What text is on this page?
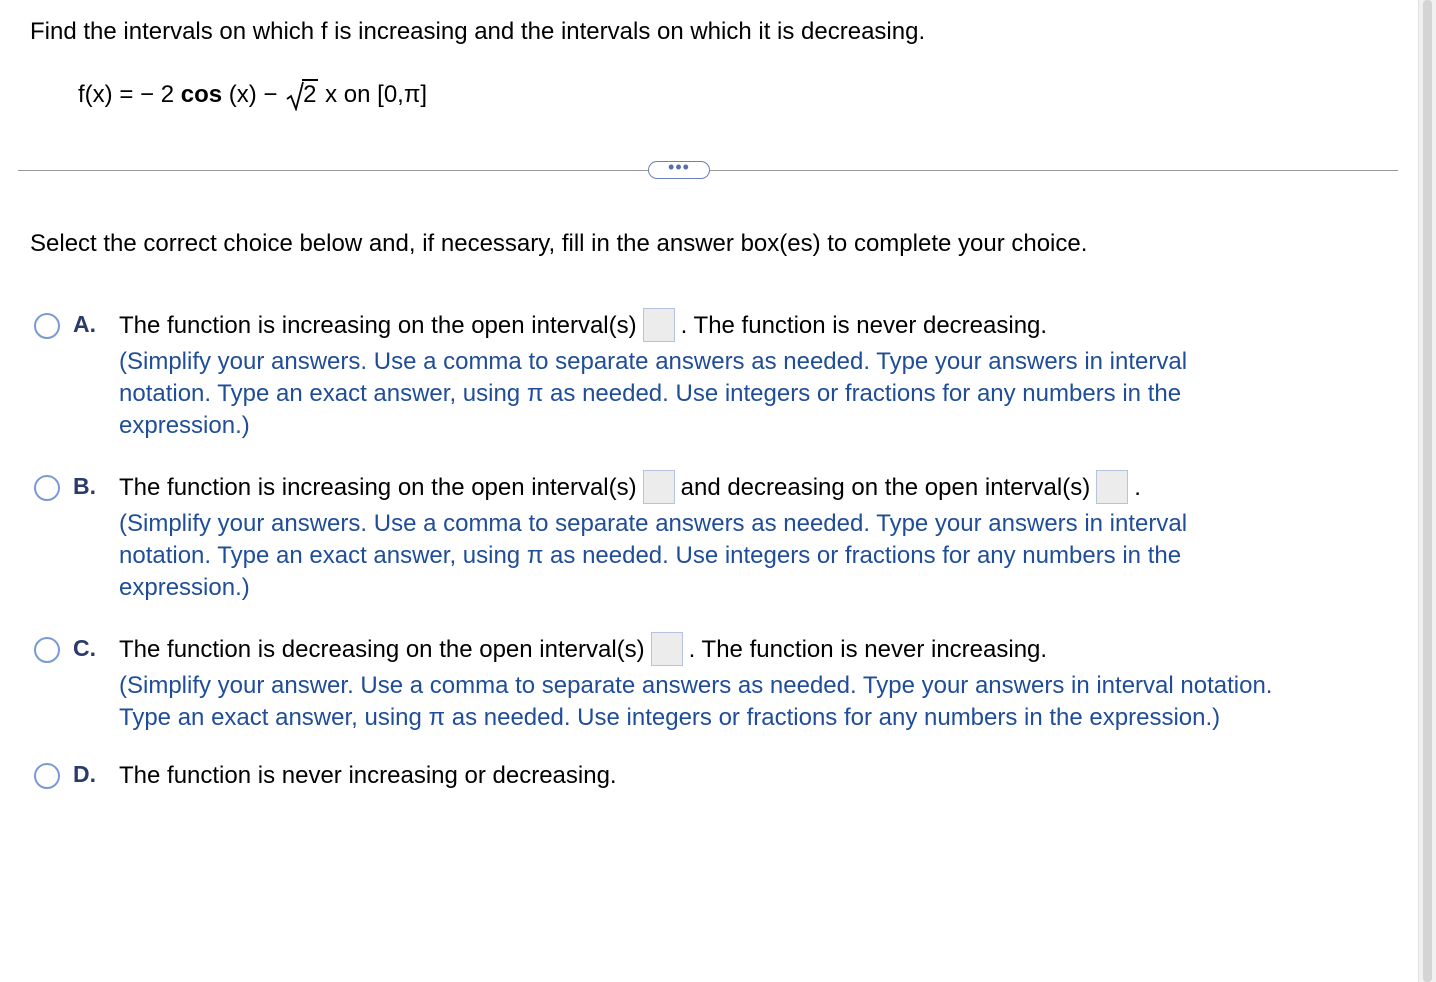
Find the intervals on which f is increasing and the intervals on which it is decreasing.
f(x) = − 2 cos (x) −
2 x on [0,π]
•••
Select the correct choice below and, if necessary, fill in the answer box(es) to complete your choice.
A. The function is increasing on the open interval(s) . The function is never decreasing.
(Simplify your answers. Use a comma to separate answers as needed. Type your answers in interval
notation. Type an exact answer, using π as needed. Use integers or fractions for any numbers in the
expression.)
B. The function is increasing on the open interval(s) and decreasing on the open interval(s) .
(Simplify your answers. Use a comma to separate answers as needed. Type your answers in interval
notation. Type an exact answer, using π as needed. Use integers or fractions for any numbers in the
expression.)
C. The function is decreasing on the open interval(s) . The function is never increasing.
(Simplify your answer. Use a comma to separate answers as needed. Type your answers in interval notation.
Type an exact answer, using π as needed. Use integers or fractions for any numbers in the expression.)
D. The function is never increasing or decreasing.
